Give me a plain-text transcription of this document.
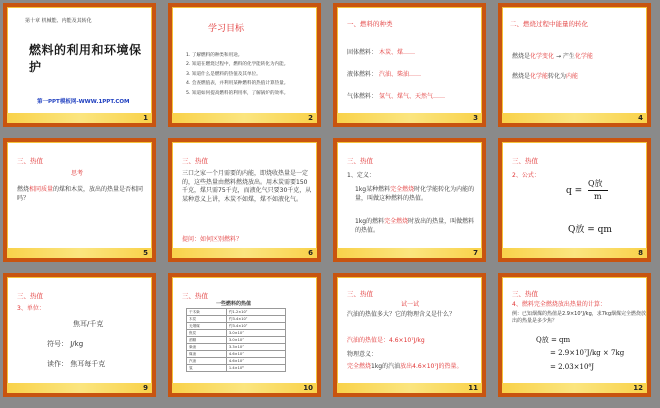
第十章 机械能、内能及其转化
燃料的利用和环境保护
第一PPT模板网-WWW.1PPT.COM
1
学习目标
1. 了解燃料的种类和用途。
2. 知道在燃烧过程中，燃料的化学能转化为内能。
3. 知道什么是燃料的热值及其单位。
4. 会查燃值表，并利用某种燃料的热值计算热量。
5. 知道如何提高燃料的利用率，了解锅炉的效率。
2
一、燃料的种类
固体燃料： 木炭、煤……
液体燃料： 汽油、柴油……
气体燃料： 氢气、煤气、天然气……
3
二、燃烧过程中能量的转化
燃烧是化学变化 → 产生化学能
燃烧是化学能转化为内能
4
三、热值
思考
燃烧相同质量的煤和木炭，放出的热量是否相同吗？
5
三、热值
三口之家一个月需要的内能，即烧收热量是一定的，这些热量由燃料燃烧放出。用木炭需要150千克，煤只需75千克，而液化气只要30千克，从某种意义上讲，木炭不如煤，煤不如液化气。
提问：如何区别燃料？
6
三、热值
1、定义：
1kg某种燃料完全燃烧时化学能转化为内能的量，叫做这种燃料的热值。
1kg的燃料完全燃烧时放出的热量，叫做燃料的热值。
7
三、热值
2、公式：
q =
Q放
m
Q放 = qm
8
三、热值
3、单位：
焦耳/千克
符号： J/kg
读作： 焦耳每千克
9
三、热值
一些燃料的热值
干木柴	约1.2×10⁷
木炭	约3.4×10⁷
无烟煤	约3.4×10⁷
焦炭	3.0×10⁷
酒精	3.0×10⁷
柴油	3.3×10⁷
煤油	4.6×10⁷
汽油	4.6×10⁷
氢	1.4×10⁸
10
三、热值
试一试
汽油的热值多大？它的物理含义是什么？
汽油的热值是：4.6×10⁷J/kg
物理意义：
完全燃烧1kg的汽油放出4.6×10⁷J的热量。
11
三、热值
4、燃料完全燃烧放出热量的计算：
例：已知烟煤的热值是2.9×10⁷J/kg，求7kg烟煤完全燃烧放出的热量是多少焦？
Q放 = qm
= 2.9×10⁷J/kg × 7kg
= 2.03×10⁸J
12
